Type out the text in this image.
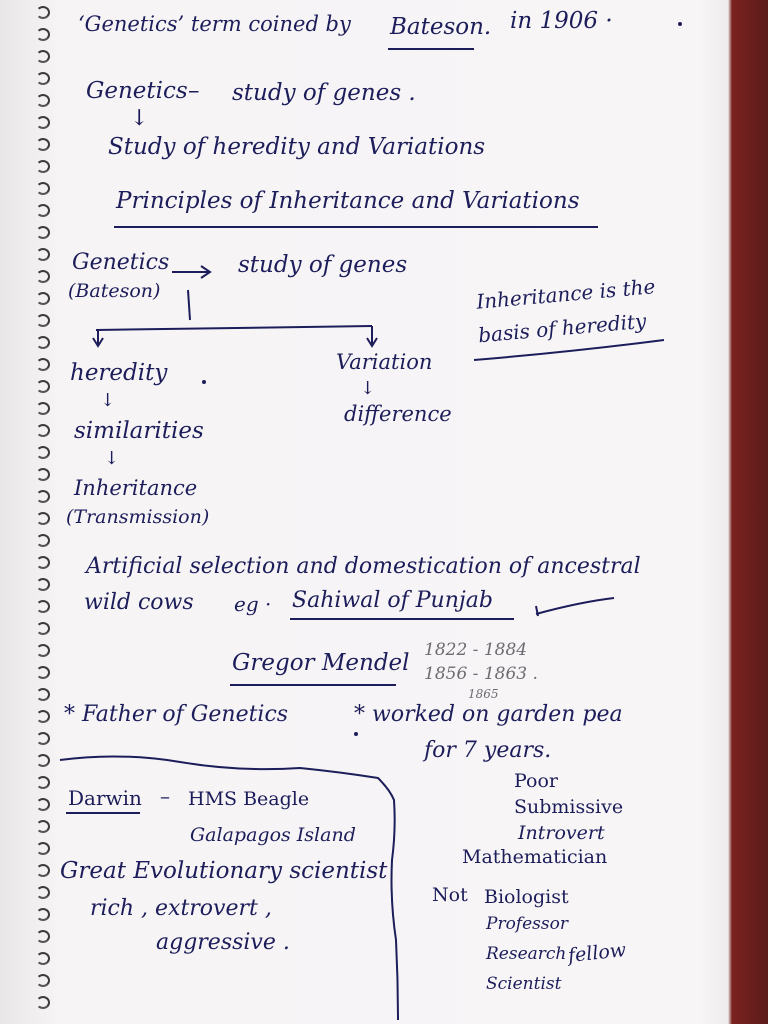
‘Genetics’ term coined by Bateson. in 1906 ·
Genetics – study of genes .
↓
Study of heredity and Variations
Principles of Inheritance and Variations
Genetics
(Bateson)
study of genes
heredity
↓
similarities
↓
Inheritance
(Transmission)
Variation
↓
difference
Inheritance is the
basis of heredity
Artificial selection and domestication of ancestral
wild cows eg · Sahiwal of Punjab
Gregor Mendel 1822 - 1884
1856 - 1863 .
1865
* Father of Genetics	* worked on garden pea
for 7 years.
Poor
Submissive
Introvert
Mathematician
Not Biologist
Professor
Research fellow
Scientist
Darwin – HMS Beagle
Galapagos Island
Great Evolutionary scientist
rich , extrovert ,
aggressive .
